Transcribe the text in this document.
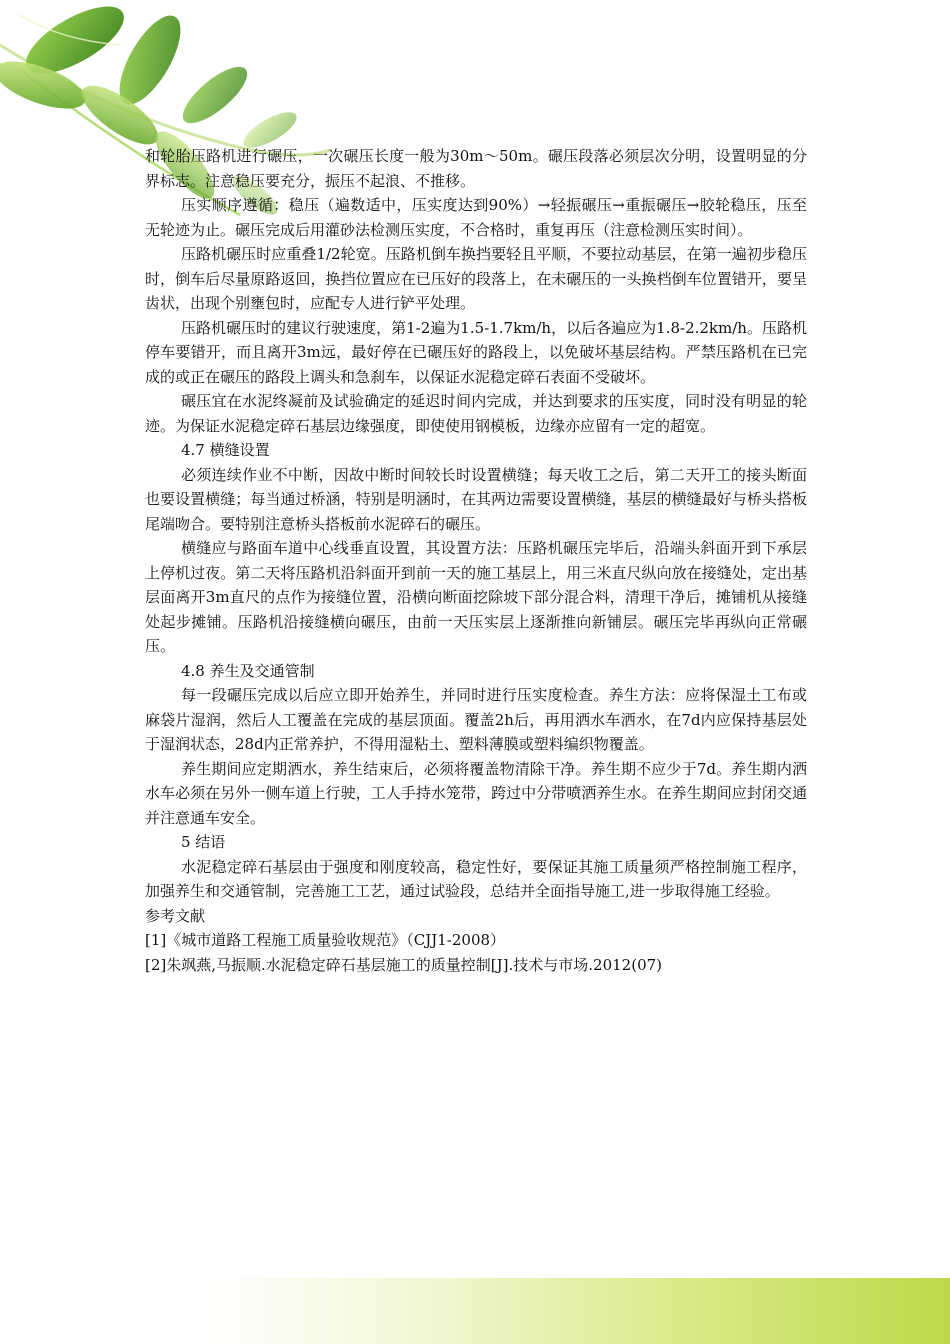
和轮胎压路机进行碾压，一次碾压长度一般为30m～50m。碾压段落必须层次分明，设置明显的分界标志。注意稳压要充分，振压不起浪、不推移。

压实顺序遵循：稳压（遍数适中，压实度达到90%）→轻振碾压→重振碾压→胶轮稳压，压至无轮迹为止。碾压完成后用灌砂法检测压实度，不合格时，重复再压（注意检测压实时间）。

压路机碾压时应重叠1/2轮宽。压路机倒车换挡要轻且平顺，不要拉动基层，在第一遍初步稳压时，倒车后尽量原路返回，换挡位置应在已压好的段落上，在未碾压的一头换档倒车位置错开，要呈齿状，出现个别壅包时，应配专人进行铲平处理。

压路机碾压时的建议行驶速度，第1-2遍为1.5-1.7km/h，以后各遍应为1.8-2.2km/h。压路机停车要错开，而且离开3m远，最好停在已碾压好的路段上，以免破坏基层结构。严禁压路机在已完成的或正在碾压的路段上调头和急刹车，以保证水泥稳定碎石表面不受破坏。

碾压宜在水泥终凝前及试验确定的延迟时间内完成，并达到要求的压实度，同时没有明显的轮迹。为保证水泥稳定碎石基层边缘强度，即使使用钢模板，边缘亦应留有一定的超宽。

4.7 横缝设置

必须连续作业不中断，因故中断时间较长时设置横缝；每天收工之后，第二天开工的接头断面也要设置横缝；每当通过桥涵，特别是明涵时，在其两边需要设置横缝，基层的横缝最好与桥头搭板尾端吻合。要特别注意桥头搭板前水泥碎石的碾压。

横缝应与路面车道中心线垂直设置，其设置方法：压路机碾压完毕后，沿端头斜面开到下承层上停机过夜。第二天将压路机沿斜面开到前一天的施工基层上，用三米直尺纵向放在接缝处，定出基层面离开3m直尺的点作为接缝位置，沿横向断面挖除坡下部分混合料，清理干净后，摊铺机从接缝处起步摊铺。压路机沿接缝横向碾压，由前一天压实层上逐渐推向新铺层。碾压完毕再纵向正常碾压。

4.8 养生及交通管制

每一段碾压完成以后应立即开始养生，并同时进行压实度检查。养生方法：应将保湿土工布或麻袋片湿润，然后人工覆盖在完成的基层顶面。覆盖2h后，再用洒水车洒水，在7d内应保持基层处于湿润状态，28d内正常养护，不得用湿粘土、塑料薄膜或塑料编织物覆盖。

养生期间应定期洒水，养生结束后，必须将覆盖物清除干净。养生期不应少于7d。养生期内洒水车必须在另外一侧车道上行驶，工人手持水笼带，跨过中分带喷洒养生水。在养生期间应封闭交通并注意通车安全。

5 结语

水泥稳定碎石基层由于强度和刚度较高，稳定性好，要保证其施工质量须严格控制施工程序，加强养生和交通管制，完善施工工艺，通过试验段，总结并全面指导施工,进一步取得施工经验。

参考文献

[1]《城市道路工程施工质量验收规范》（CJJ1-2008）

[2]朱飒燕,马振顺.水泥稳定碎石基层施工的质量控制[J].技术与市场.2012(07)
